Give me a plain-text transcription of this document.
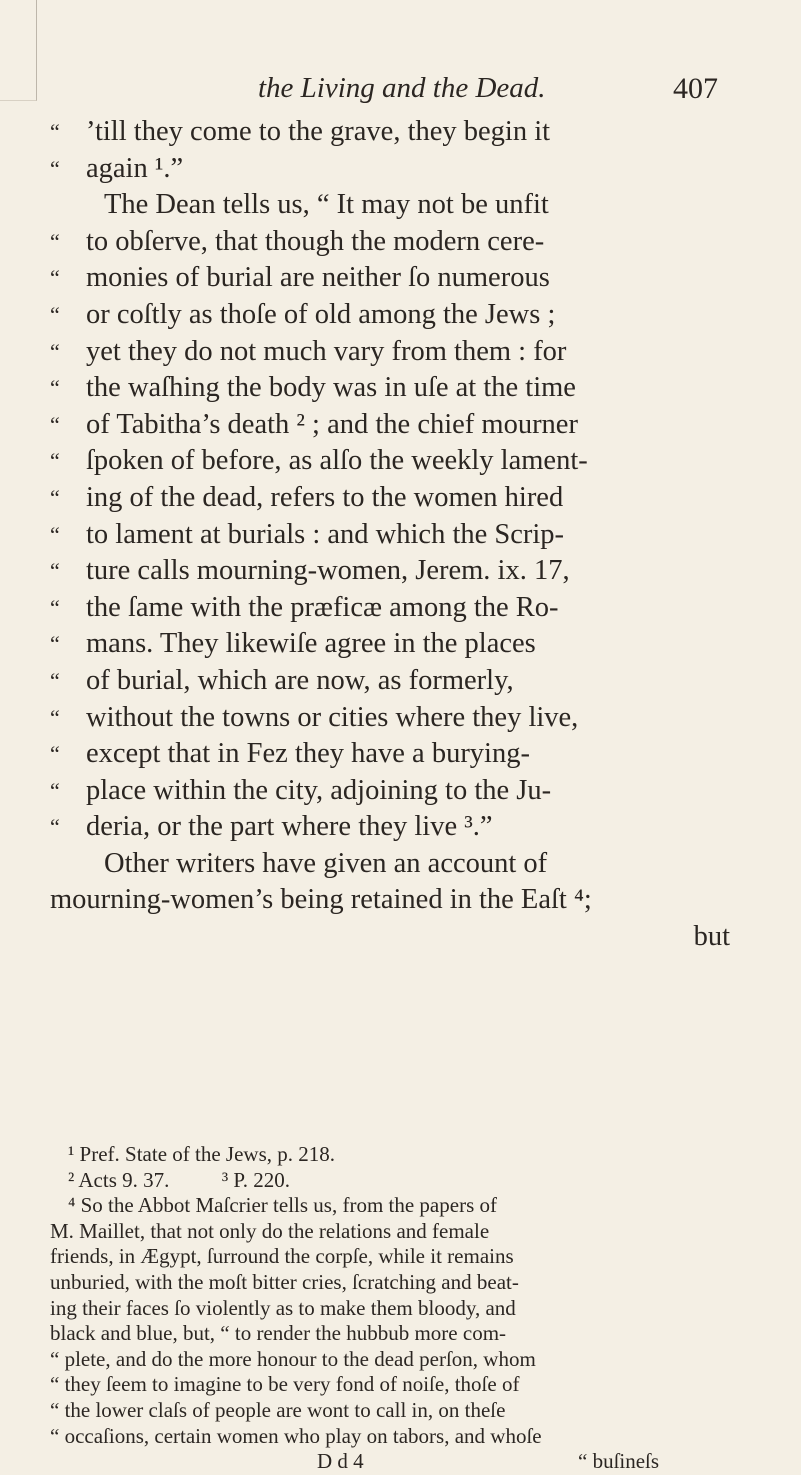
the Living and the Dead.	407
“ ’till they come to the grave, they begin it
“ again ¹.”
The Dean tells us, “ It may not be unfit
“ to obſerve, that though the modern cere-
“ monies of burial are neither ſo numerous
“ or coſtly as thoſe of old among the Jews ;
“ yet they do not much vary from them : for
“ the waſhing the body was in uſe at the time
“ of Tabitha’s death ² ; and the chief mourner
“ ſpoken of before, as alſo the weekly lament-
“ ing of the dead, refers to the women hired
“ to lament at burials : and which the Scrip-
“ ture calls mourning-women, Jerem. ix. 17,
“ the ſame with the præficæ among the Ro-
“ mans. They likewiſe agree in the places
“ of burial, which are now, as formerly,
“ without the towns or cities where they live,
“ except that in Fez they have a burying-
“ place within the city, adjoining to the Ju-
“ deria, or the part where they live ³.”
Other writers have given an account of
mourning-women’s being retained in the Eaſt ⁴;
but
¹ Pref. State of the Jews, p. 218.
² Acts 9. 37.          ³ P. 220.
⁴ So the Abbot Maſcrier tells us, from the papers of
M. Maillet, that not only do the relations and female
friends, in Ægypt, ſurround the corpſe, while it remains
unburied, with the moſt bitter cries, ſcratching and beat-
ing their faces ſo violently as to make them bloody, and
black and blue, but, “ to render the hubbub more com-
“ plete, and do the more honour to the dead perſon, whom
“ they ſeem to imagine to be very fond of noiſe, thoſe of
“ the lower claſs of people are wont to call in, on theſe
“ occaſions, certain women who play on tabors, and whoſe
D d 4	“ buſineſs
